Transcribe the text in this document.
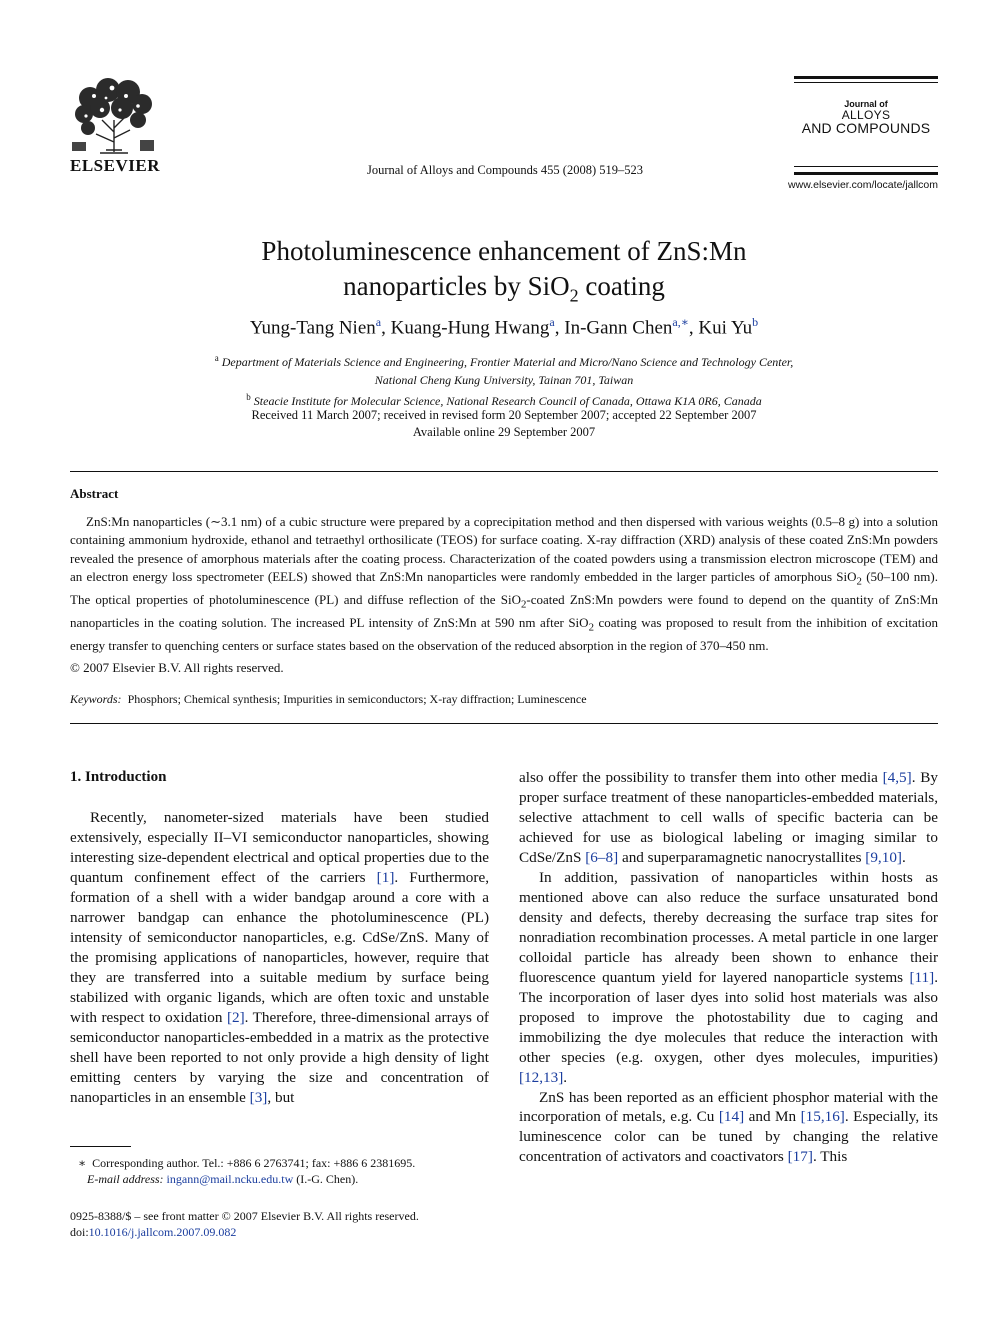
ELSEVIER	Journal of Alloys and Compounds 455 (2008) 519–523
Journal of
ALLOYS
AND COMPOUNDS
www.elsevier.com/locate/jallcom
Photoluminescence enhancement of ZnS:Mn
nanoparticles by SiO$_2$ coating
Yung-Tang Nien$^a$, Kuang-Hung Hwang$^a$, In-Gann Chen$^{a,∗}$, Kui Yu$^b$
$^a$ Department of Materials Science and Engineering, Frontier Material and Micro/Nano Science and Technology Center,
National Cheng Kung University, Tainan 701, Taiwan
$^b$ Steacie Institute for Molecular Science, National Research Council of Canada, Ottawa K1A 0R6, Canada
Received 11 March 2007; received in revised form 20 September 2007; accepted 22 September 2007
Available online 29 September 2007
Abstract
ZnS:Mn nanoparticles (∼3.1 nm) of a cubic structure were prepared by a coprecipitation method and then dispersed with various weights (0.5–8 g) into a solution containing ammonium hydroxide, ethanol and tetraethyl orthosilicate (TEOS) for surface coating. X-ray diffraction (XRD) analysis of these coated ZnS:Mn powders revealed the presence of amorphous materials after the coating process. Characterization of the coated powders using a transmission electron microscope (TEM) and an electron energy loss spectrometer (EELS) showed that ZnS:Mn nanoparticles were randomly embedded in the larger particles of amorphous SiO$_2$ (50–100 nm). The optical properties of photoluminescence (PL) and diffuse reflection of the SiO$_2$-coated ZnS:Mn powders were found to depend on the quantity of ZnS:Mn nanoparticles in the coating solution. The increased PL intensity of ZnS:Mn at 590 nm after SiO$_2$ coating was proposed to result from the inhibition of excitation energy transfer to quenching centers or surface states based on the observation of the reduced absorption in the region of 370–450 nm.
© 2007 Elsevier B.V. All rights reserved.
Keywords: Phosphors; Chemical synthesis; Impurities in semiconductors; X-ray diffraction; Luminescence
1. Introduction

Recently, nanometer-sized materials have been studied extensively, especially II–VI semiconductor nanoparticles, showing interesting size-dependent electrical and optical properties due to the quantum confinement effect of the carriers [1]. Furthermore, formation of a shell with a wider bandgap around a core with a narrower bandgap can enhance the photoluminescence (PL) intensity of semiconductor nanoparticles, e.g. CdSe/ZnS. Many of the promising applications of nanoparticles, however, require that they are transferred into a suitable medium by surface being stabilized with organic ligands, which are often toxic and unstable with respect to oxidation [2]. Therefore, three-dimensional arrays of semiconductor nanoparticles-embedded in a matrix as the protective shell have been reported to not only provide a high density of light emitting centers by varying the size and concentration of nanoparticles in an ensemble [3], but

also offer the possibility to transfer them into other media [4,5]. By proper surface treatment of these nanoparticles-embedded materials, selective attachment to cell walls of specific bacteria can be achieved for use as biological labeling or imaging similar to CdSe/ZnS [6–8] and superparamagnetic nanocrystallites [9,10].

In addition, passivation of nanoparticles within hosts as mentioned above can also reduce the surface unsaturated bond density and defects, thereby decreasing the surface trap sites for nonradiation recombination processes. A metal particle in one larger colloidal particle has already been shown to enhance their fluorescence quantum yield for layered nanoparticle systems [11]. The incorporation of laser dyes into solid host materials was also proposed to improve the photostability due to caging and immobilizing the dye molecules that reduce the interaction with other species (e.g. oxygen, other dyes molecules, impurities) [12,13].

ZnS has been reported as an efficient phosphor material with the incorporation of metals, e.g. Cu [14] and Mn [15,16]. Especially, its luminescence color can be tuned by changing the relative concentration of activators and coactivators [17]. This

∗ Corresponding author. Tel.: +886 6 2763741; fax: +886 6 2381695.
E-mail address: ingann@mail.ncku.edu.tw (I.-G. Chen).
0925-8388/$ – see front matter © 2007 Elsevier B.V. All rights reserved.
doi:10.1016/j.jallcom.2007.09.082
